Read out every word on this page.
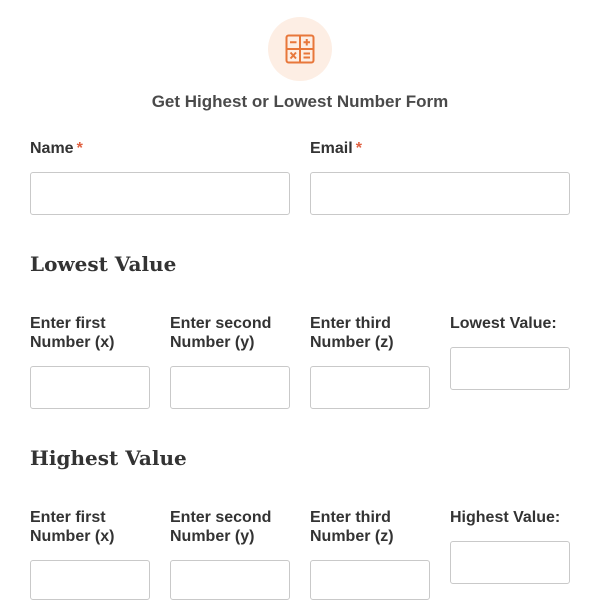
Get Highest or Lowest Number Form
Name *	Email *
Lowest Value
Enter first
Number (x)
Enter second
Number (y)
Enter third
Number (z)
Lowest Value:
Highest Value
Enter first
Number (x)
Enter second
Number (y)
Enter third
Number (z)
Highest Value:
